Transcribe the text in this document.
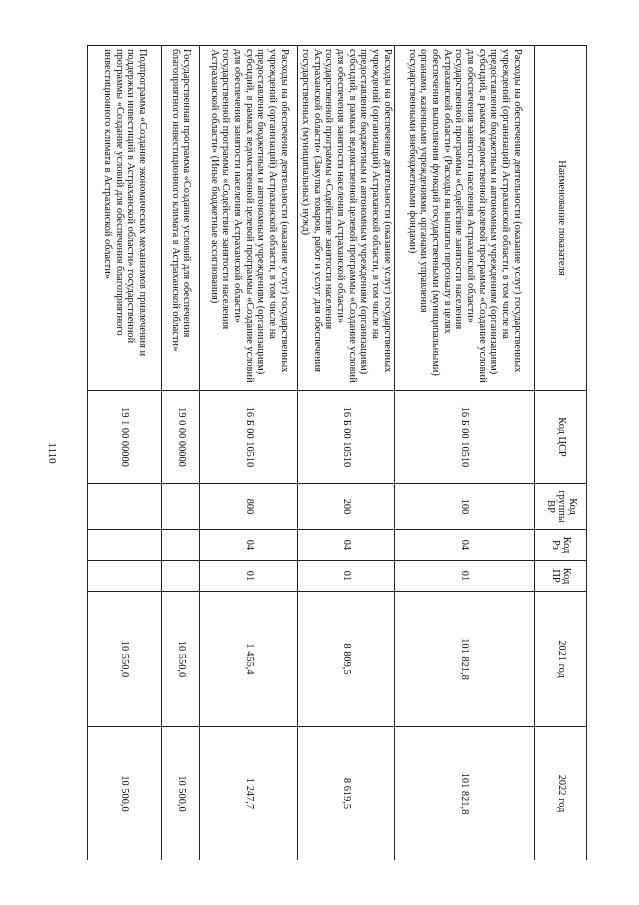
1110
Наименование показателя	Код ЦСР	Код группы ВР	Код Рз	Код ПР	2021 год	2022 год
Расходы на обеспечение деятельности (оказание услуг) государственных учреждений (организаций) Астраханской области, в том числе на предоставление бюджетным и автономным учреждениям (организациям) субсидий, в рамках ведомственной целевой программы «Создание условий для обеспечения занятости населения Астраханской области» государственной программы «Содействие занятости населения Астраханской области» (Расходы на выплаты персоналу в целях обеспечения выполнения функций государственными (муниципальными) органами, казенными учреждениями, органами управления государственными внебюджетными фондами)	16 Б 00 10510	100	04	01	101 821,8	101 821,8
Расходы на обеспечение деятельности (оказание услуг) государственных учреждений (организаций) Астраханской области, в том числе на предоставление бюджетным и автономным учреждениям (организациям) субсидий, в рамках ведомственной целевой программы «Создание условий для обеспечения занятости населения Астраханской области» государственной программы «Содействие занятости населения Астраханской области» (Закупка товаров, работ и услуг для обеспечения государственных (муниципальных) нужд)	16 Б 00 10510	200	04	01	8 809,5	8 619,5
Расходы на обеспечение деятельности (оказание услуг) государственных учреждений (организаций) Астраханской области, в том числе на предоставление бюджетным и автономным учреждениям (организациям) субсидий, в рамках ведомственной целевой программы «Создание условий для обеспечения занятости населения Астраханской области» государственной программы «Содействие занятости населения Астраханской области» (Иные бюджетные ассигнования)	16 Б 00 10510	800	04	01	1 455,4	1 247,7
Государственная программа «Создание условий для обеспечения благоприятного инвестиционного климата в Астраханской области»	19 0 00 00000				10 550,0	10 500,0
Подпрограмма «Создание экономических механизмов привлечения и поддержки инвестиций в Астраханской области» государственной программы «Создание условий для обеспечения благоприятного инвестиционного климата в Астраханской области»	19 1 00 00000				10 550,0	10 500,0
